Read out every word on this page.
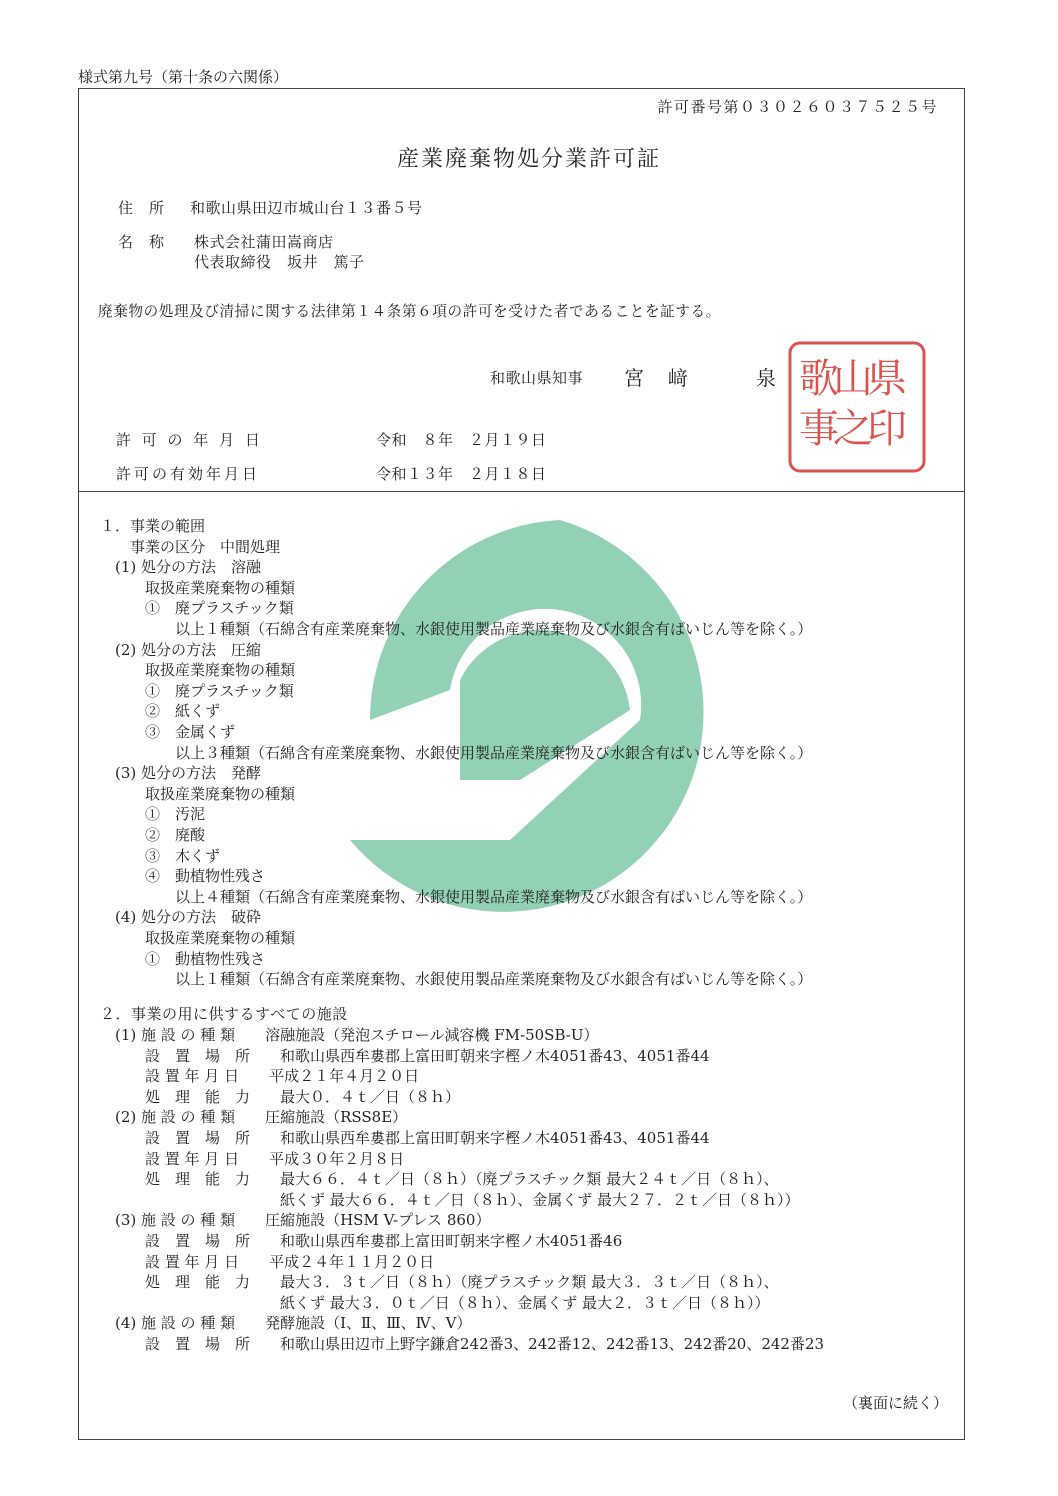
様式第九号（第十条の六関係）
許可番号第０３０２６０３７５２５号
産業廃棄物処分業許可証
住　所 和歌山県田辺市城山台１３番５号
名　称 株式会社蒲田嵩商店
代表取締役　坂井　篤子
廃棄物の処理及び清掃に関する法律第１４条第６項の許可を受けた者であることを証する。
和歌山県知事 宮　﨑　　　泉 県
印
山
之
歌
事
許 可 の 年 月 日	令和　８年　２月１９日
許可の有効年月日	令和１３年　２月１８日
１．事業の範囲
　　事業の区分　中間処理
　(1) 処分の方法　溶融
　　　取扱産業廃棄物の種類
　　　①　廃プラスチック類
　　　　　以上１種類（石綿含有産業廃棄物、水銀使用製品産業廃棄物及び水銀含有ばいじん等を除く。）
　(2) 処分の方法　圧縮
　　　取扱産業廃棄物の種類
　　　①　廃プラスチック類
　　　②　紙くず
　　　③　金属くず
　　　　　以上３種類（石綿含有産業廃棄物、水銀使用製品産業廃棄物及び水銀含有ばいじん等を除く。）
　(3) 処分の方法　発酵
　　　取扱産業廃棄物の種類
　　　①　汚泥
　　　②　廃酸
　　　③　木くず
　　　④　動植物性残さ
　　　　　以上４種類（石綿含有産業廃棄物、水銀使用製品産業廃棄物及び水銀含有ばいじん等を除く。）
　(4) 処分の方法　破砕
　　　取扱産業廃棄物の種類
　　　①　動植物性残さ
　　　　　以上１種類（石綿含有産業廃棄物、水銀使用製品産業廃棄物及び水銀含有ばいじん等を除く。）
２．事業の用に供するすべての施設
　(1) 施 設 の 種 類　　溶融施設（発泡スチロール減容機 FM-50SB-U）
　　　設　置　場　所　　和歌山県西牟婁郡上富田町朝来字樫ノ木4051番43、4051番44
　　　設 置 年 月 日　　平成２１年４月２０日
　　　処　理　能　力　　最大０．４ｔ／日（８ｈ）
　(2) 施 設 の 種 類　　圧縮施設（RSS8E）
　　　設　置　場　所　　和歌山県西牟婁郡上富田町朝来字樫ノ木4051番43、4051番44
　　　設 置 年 月 日　　平成３０年２月８日
　　　処　理　能　力　　最大６６．４ｔ／日（８ｈ）（廃プラスチック類 最大２４ｔ／日（８ｈ）、
　　　　　　　　　　　　紙くず 最大６６．４ｔ／日（８ｈ）、金属くず 最大２７．２ｔ／日（８ｈ））
　(3) 施 設 の 種 類　　圧縮施設（HSM V-プレス 860）
　　　設　置　場　所　　和歌山県西牟婁郡上富田町朝来字樫ノ木4051番46
　　　設 置 年 月 日　　平成２４年１１月２０日
　　　処　理　能　力　　最大３．３ｔ／日（８ｈ）（廃プラスチック類 最大３．３ｔ／日（８ｈ）、
　　　　　　　　　　　　紙くず 最大３．０ｔ／日（８ｈ）、金属くず 最大２．３ｔ／日（８ｈ））
　(4) 施 設 の 種 類　　発酵施設（Ⅰ、Ⅱ、Ⅲ、Ⅳ、Ⅴ）
　　　設　置　場　所　　和歌山県田辺市上野字鎌倉242番3、242番12、242番13、242番20、242番23
（裏面に続く）
